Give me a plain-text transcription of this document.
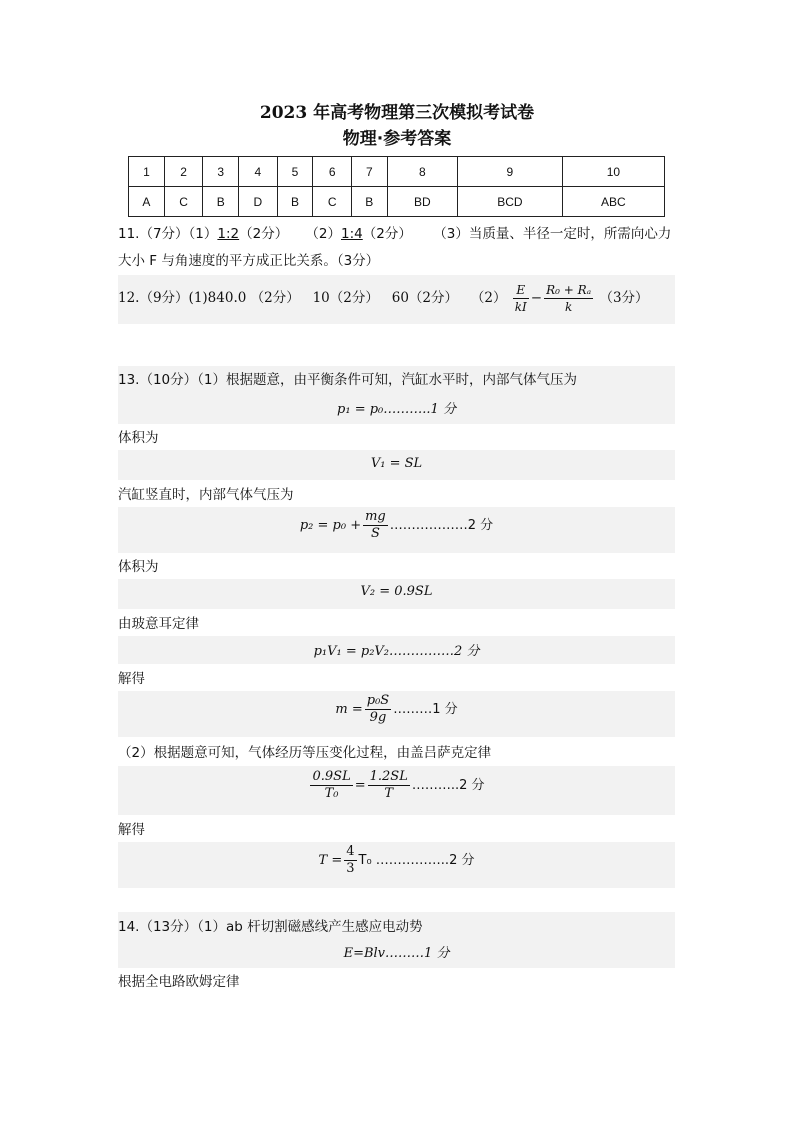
2023 年高考物理第三次模拟考试卷
物理·参考答案
1	2	3	4	5	6	7	8	9	10
A	C	B	D	B	C	B	BD	BCD	ABC
11.（7分）（1）1:2（2分） （2）1:4（2分） （3）当质量、半径一定时，所需向心力
大小 F 与角速度的平方成正比关系。（3分）
12.（9分）(1)840.0 （2分）   10（2分）   60（2分）   $(2) \frac{E}{kI} - \frac{\text{R₀ + Rₐ}}{k} (3$分）
13.（10分）（1）根据题意，由平衡条件可知，汽缸水平时，内部气体气压为
p₁ = p₀………..1 分
体积为
V₁ = SL
汽缸竖直时，内部气体气压为
$p_2 = p_0 + \frac{mg}{S}$ ………………2 分
体积为
V₂ = 0.9SL
由玻意耳定律
p₁V₁ = p₂V₂……………2 分
解得
$m = \frac{\text{p₀S}}{9g}$ ………1 分
（2）根据题意可知，气体经历等压变化过程，由盖吕萨克定律
$\frac{0.9SL}{\text{T₀}} = \frac{1.2SL}{T}$ ………..2 分
解得
$T = \frac{4}{3} T_0$ ……………..2 分
14.（13分）（1）ab 杆切割磁感线产生感应电动势
E=Blv………1 分
根据全电路欧姆定律
